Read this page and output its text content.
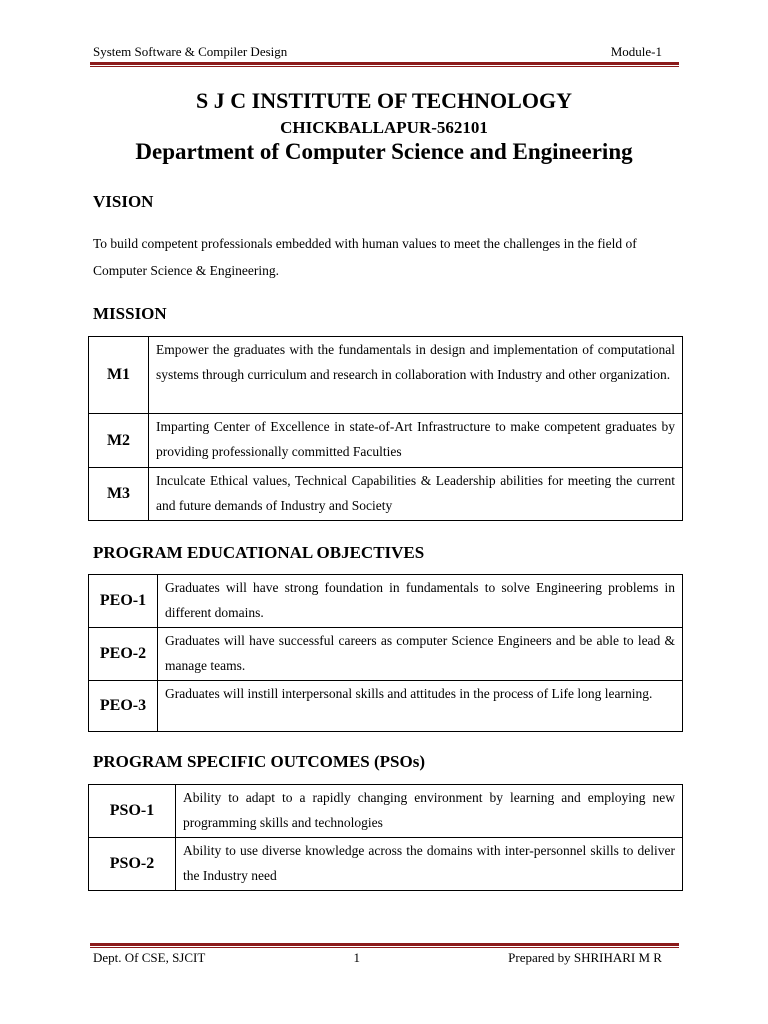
System Software & Compiler Design	Module-1
S J C INSTITUTE OF TECHNOLOGY
CHICKBALLAPUR-562101
Department of Computer Science and Engineering
VISION
To build competent professionals embedded with human values to meet the challenges in the field of Computer Science & Engineering.
MISSION
M1	Empower the graduates with the fundamentals in design and implementation of computational systems through curriculum and research in collaboration with Industry and other organization.
M2	Imparting Center of Excellence in state-of-Art Infrastructure to make competent graduates by providing professionally committed Faculties
M3	Inculcate Ethical values, Technical Capabilities & Leadership abilities for meeting the current and future demands of Industry and Society
PROGRAM EDUCATIONAL OBJECTIVES
PEO-1	Graduates will have strong foundation in fundamentals to solve Engineering problems in different domains.
PEO-2	Graduates will have successful careers as computer Science Engineers and be able to lead & manage teams.
PEO-3	Graduates will instill interpersonal skills and attitudes in the process of Life long learning.
PROGRAM SPECIFIC OUTCOMES (PSOs)
PSO-1	Ability to adapt to a rapidly changing environment by learning and employing new programming skills and technologies
PSO-2	Ability to use diverse knowledge across the domains with inter-personnel skills to deliver the Industry need
Dept. Of CSE, SJCIT	1	Prepared by SHRIHARI M R
